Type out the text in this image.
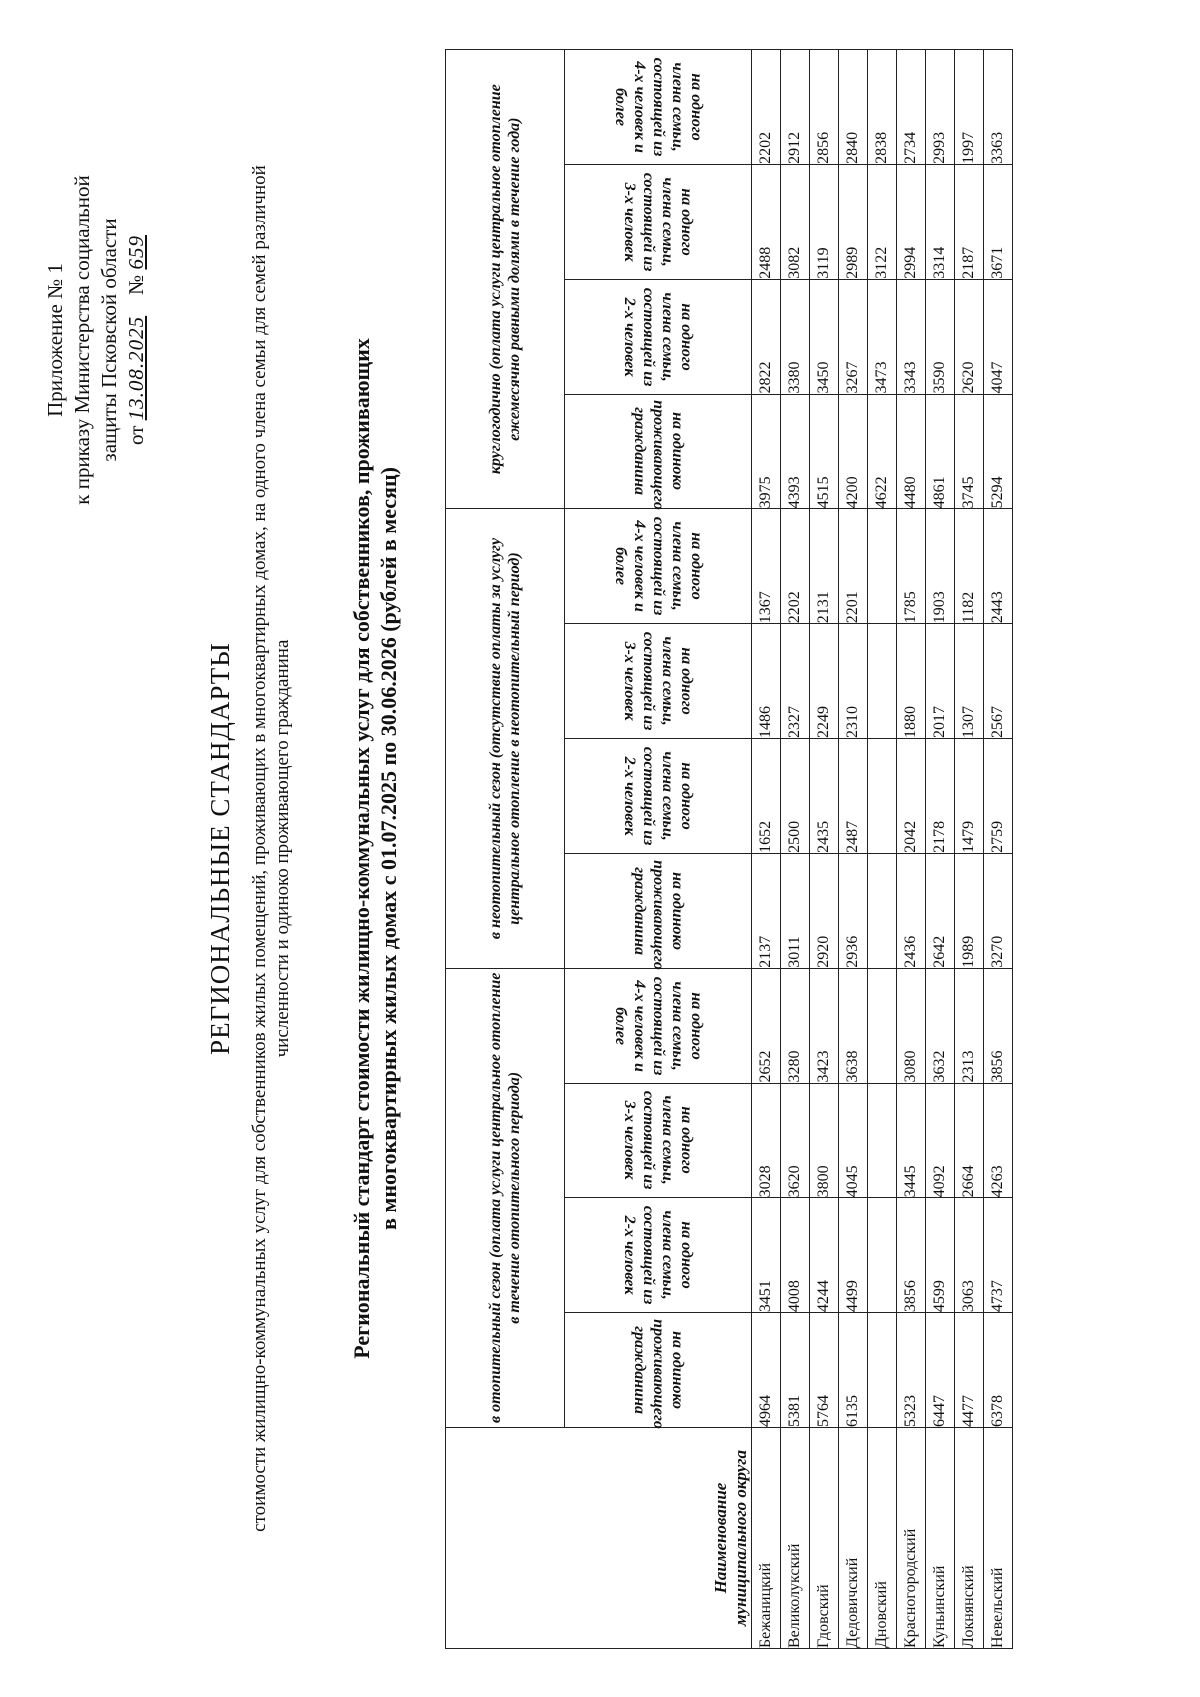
Приложение № 1 к приказу Министерства социальной защиты Псковской области от 13.08.2025    № 659
РЕГИОНАЛЬНЫЕ СТАНДАРТЫ стоимости жилищно-коммунальных услуг для собственников жилых помещений, проживающих в многоквартирных домах, на одного члена семьи для семей различной численности и одиноко проживающего гражданина	Региональный стандарт стоимости жилищно-коммунальных услуг для собственников, проживающих в многоквартирных жилых домах с 01.07.2025 по 30.06.2026 (рублей в месяц)
Наименование муниципального округа	в отопительный сезон (оплата услуги центральное отопление в течение отопительного периода)				в неотопительный сезон (отсутствие оплаты за услугу центральное отопление в неотопительный период)				круглогодично (оплата услуги центральное отопление ежемесячно равными долями в течение года)			

	на одиноко проживающего гражданина	на одного члена семьи, состоящей из 2-х человек	на одного члена семьи, состоящей из 3-х человек	на одного члена семьи, состоящей из 4-х человек и более	на одиноко проживающего гражданина	на одного члена семьи, состоящей из 2-х человек	на одного члена семьи, состоящей из 3-х человек	на одного члена семьи, состоящей из 4-х человек и более	на одиноко проживающего гражданина	на одного члена семьи, состоящей из 2-х человек	на одного члена семьи, состоящей из 3-х человек	на одного члена семьи, состоящей из 4-х человек и более

Бежаницкий	4964	3451	3028	2652	2137	1652	1486	1367	3975	2822	2488	2202
Великолукский	5381	4008	3620	3280	3011	2500	2327	2202	4393	3380	3082	2912
Гдовский	5764	4244	3800	3423	2920	2435	2249	2131	4515	3450	3119	2856
Дедовичский	6135	4499	4045	3638	2936	2487	2310	2201	4200	3267	2989	2840
Дновский									4622	3473	3122	2838
Красногородский	5323	3856	3445	3080	2436	2042	1880	1785	4480	3343	2994	2734
Куньинский	6447	4599	4092	3632	2642	2178	2017	1903	4861	3590	3314	2993
Локнянский	4477	3063	2664	2313	1989	1479	1307	1182	3745	2620	2187	1997
Невельский	6378	4737	4263	3856	3270	2759	2567	2443	5294	4047	3671	3363
